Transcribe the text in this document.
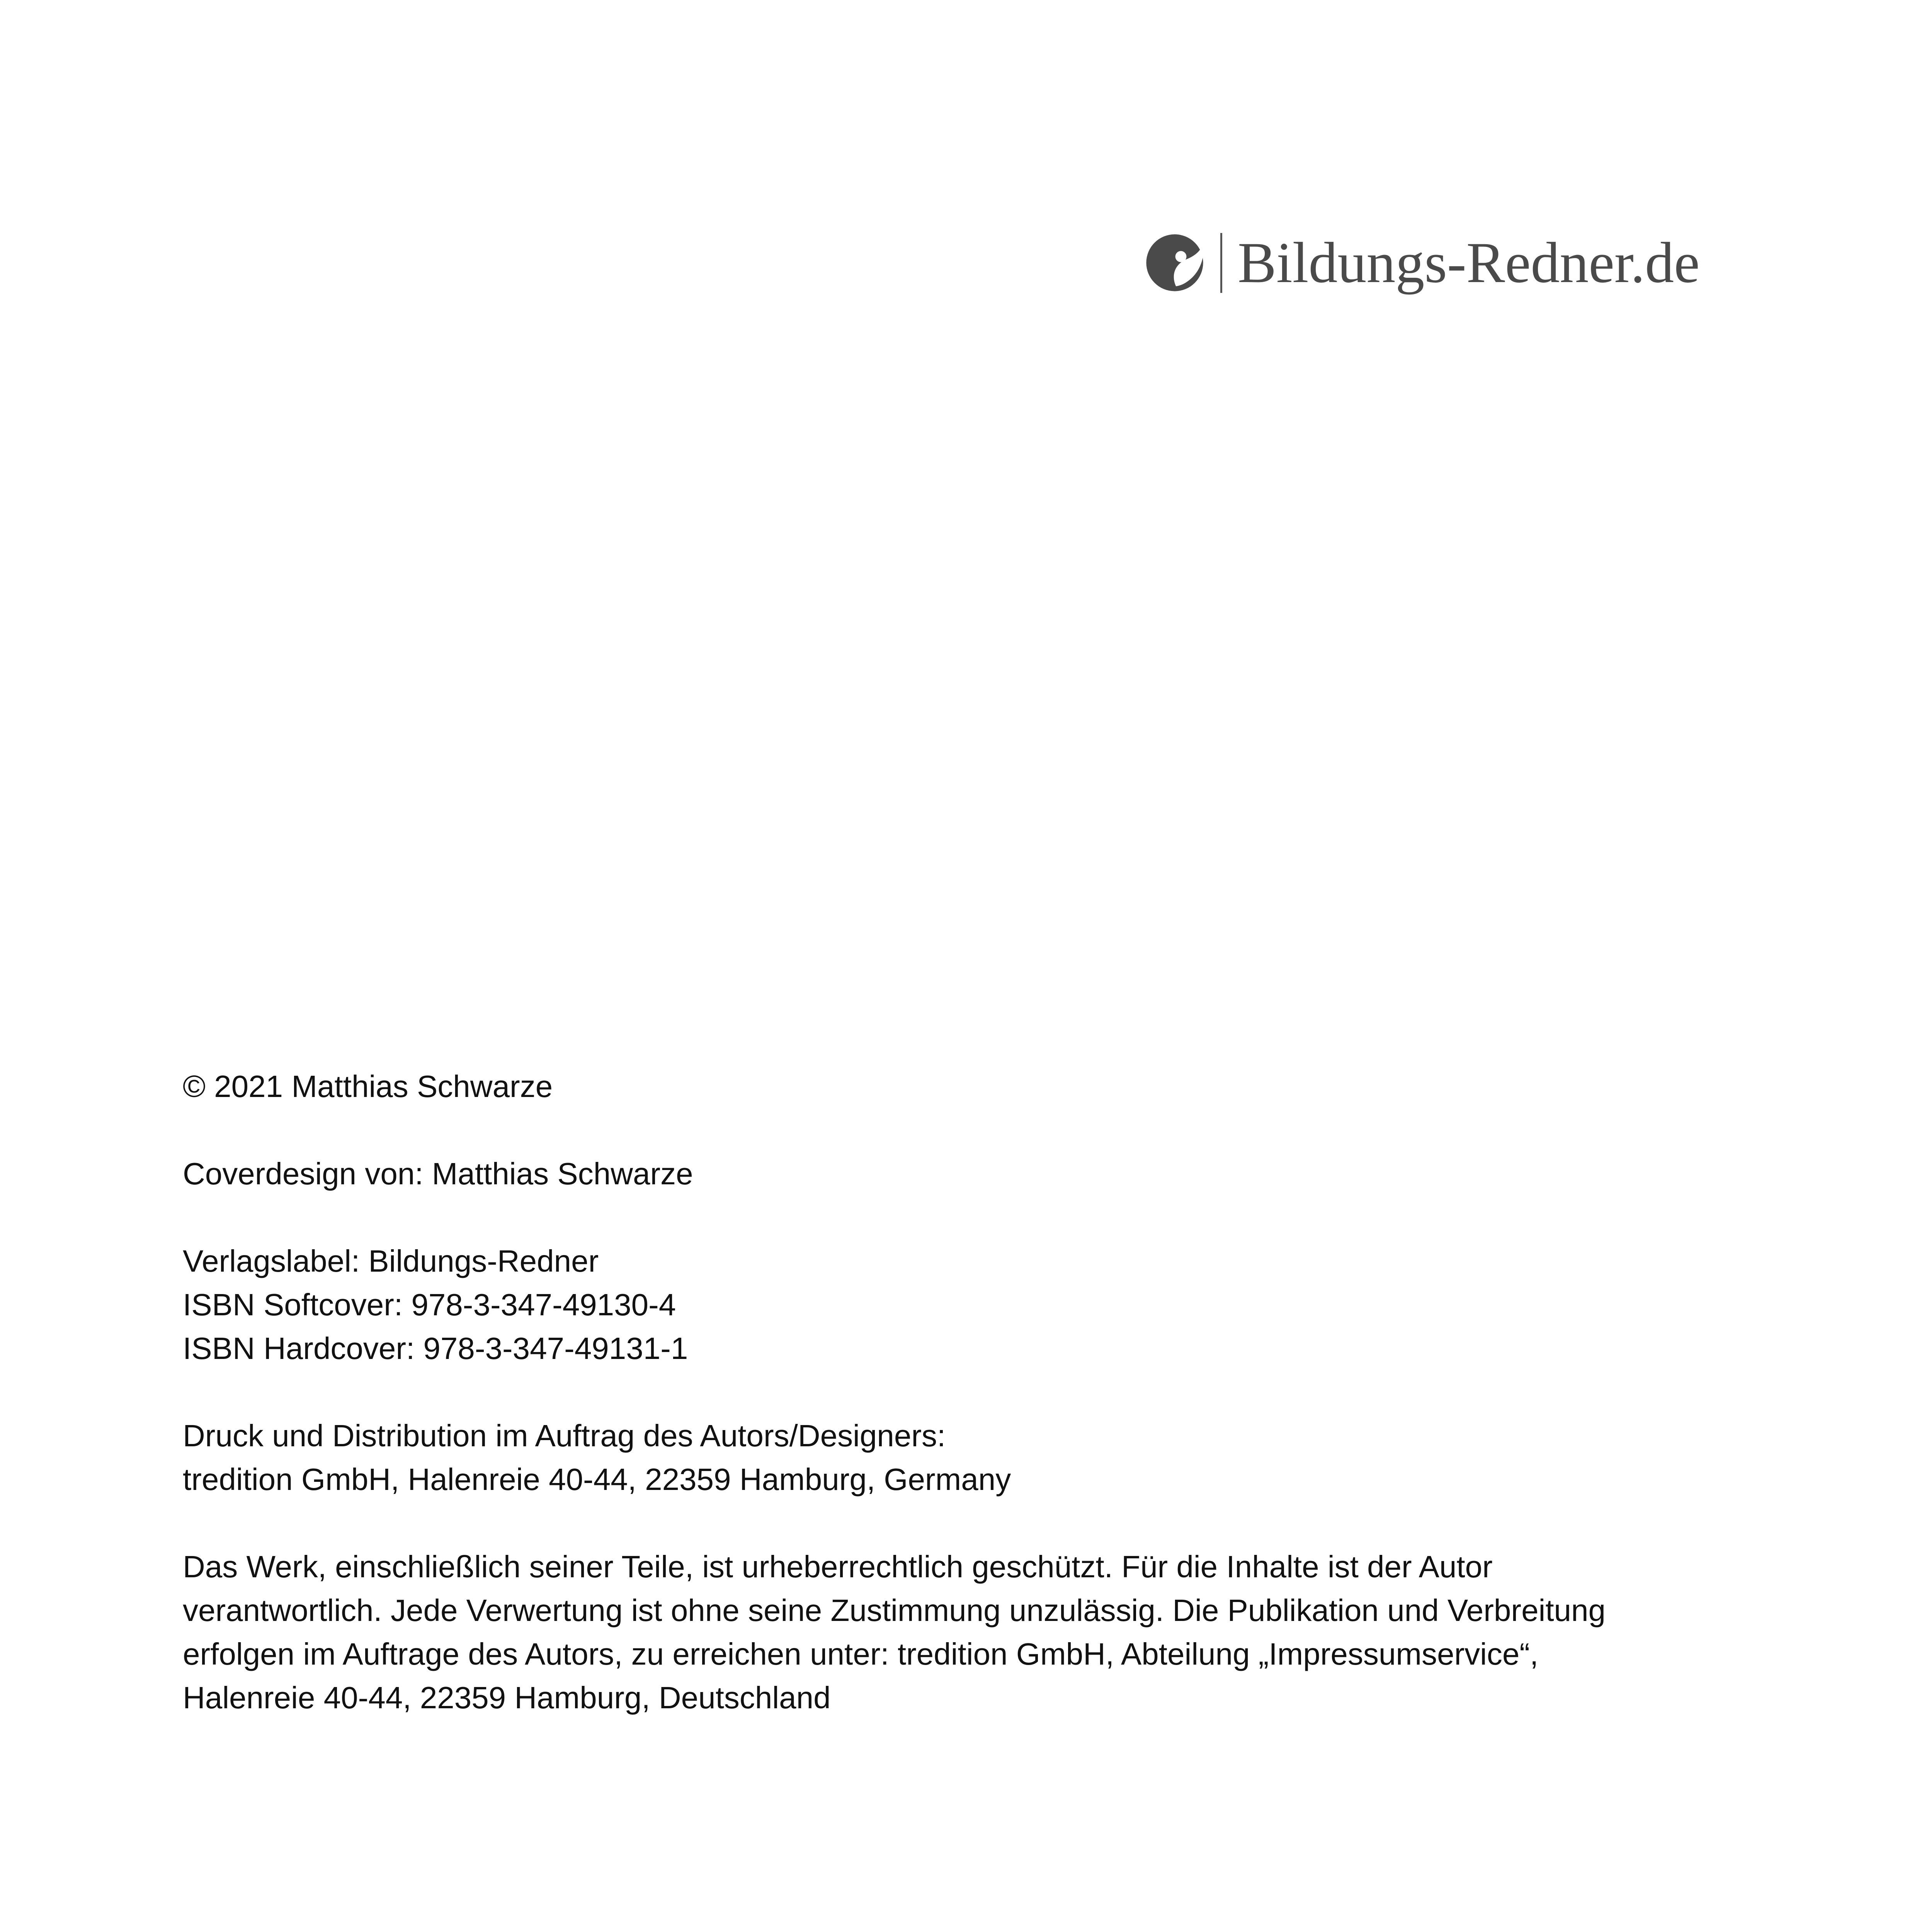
Bildungs-Redner.de

© 2021 Matthias Schwarze

Coverdesign von: Matthias Schwarze

Verlagslabel: Bildungs-Redner
ISBN Softcover: 978-3-347-49130-4
ISBN Hardcover: 978-3-347-49131-1

Druck und Distribution im Auftrag des Autors/Designers:
tredition GmbH, Halenreie 40-44, 22359 Hamburg, Germany

Das Werk, einschließlich seiner Teile, ist urheberrechtlich geschützt. Für die Inhalte ist der Autor
verantwortlich. Jede Verwertung ist ohne seine Zustimmung unzulässig. Die Publikation und Verbreitung
erfolgen im Auftrage des Autors, zu erreichen unter: tredition GmbH, Abteilung „Impressumservice“,
Halenreie 40-44, 22359 Hamburg, Deutschland
